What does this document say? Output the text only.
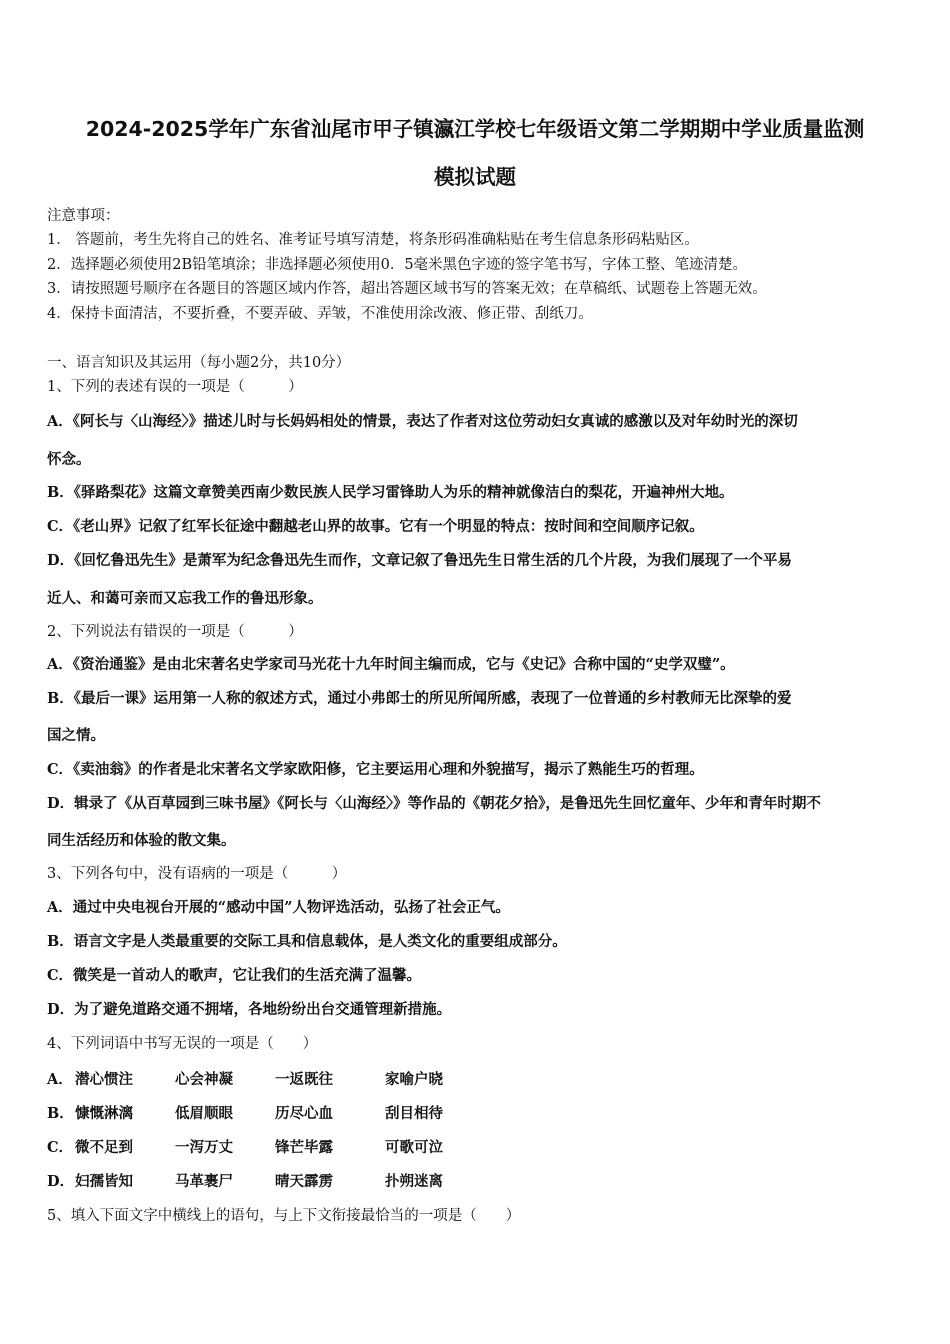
2024-2025学年广东省汕尾市甲子镇瀛江学校七年级语文第二学期期中学业质量监测
模拟试题
注意事项：
1． 答题前，考生先将自己的姓名、准考证号填写清楚，将条形码准确粘贴在考生信息条形码粘贴区。
2．选择题必须使用2B铅笔填涂；非选择题必须使用0．5毫米黑色字迹的签字笔书写，字体工整、笔迹清楚。
3．请按照题号顺序在各题目的答题区域内作答，超出答题区域书写的答案无效；在草稿纸、试题卷上答题无效。
4．保持卡面清洁，不要折叠，不要弄破、弄皱，不准使用涂改液、修正带、刮纸刀。
一、语言知识及其运用（每小题2分，共10分）
1、下列的表述有误的一项是（　　　）
A．《阿长与〈山海经〉》描述儿时与长妈妈相处的情景，表达了作者对这位劳动妇女真诚的感激以及对年幼时光的深切
怀念。
B．《驿路梨花》这篇文章赞美西南少数民族人民学习雷锋助人为乐的精神就像洁白的梨花，开遍神州大地。
C．《老山界》记叙了红军长征途中翻越老山界的故事。它有一个明显的特点：按时间和空间顺序记叙。
D．《回忆鲁迅先生》是萧军为纪念鲁迅先生而作，文章记叙了鲁迅先生日常生活的几个片段，为我们展现了一个平易
近人、和蔼可亲而又忘我工作的鲁迅形象。
2、下列说法有错误的一项是（　　　）
A．《资治通鉴》是由北宋著名史学家司马光花十九年时间主编而成，它与《史记》合称中国的“史学双璧”。
B．《最后一课》运用第一人称的叙述方式，通过小弗郎士的所见所闻所感，表现了一位普通的乡村教师无比深挚的爱
国之情。
C．《卖油翁》的作者是北宋著名文学家欧阳修，它主要运用心理和外貌描写，揭示了熟能生巧的哲理。
D．辑录了《从百草园到三味书屋》《阿长与〈山海经〉》等作品的《朝花夕拾》，是鲁迅先生回忆童年、少年和青年时期不
同生活经历和体验的散文集。
3、下列各句中，没有语病的一项是（　　　）
A．通过中央电视台开展的“感动中国”人物评选活动，弘扬了社会正气。
B．语言文字是人类最重要的交际工具和信息载体，是人类文化的重要组成部分。
C．微笑是一首动人的歌声，它让我们的生活充满了温馨。
D．为了避免道路交通不拥堵，各地纷纷出台交通管理新措施。
4、下列词语中书写无误的一项是（　　）
A． 潜心惯注	心会神凝	一返既往	家喻户晓
B．慷慨淋漓	低眉顺眼	历尽心血	刮目相待
C． 微不足到	一泻万丈	锋芒毕露	可歌可泣
D．妇孺皆知	马革裹尸	晴天霹雳	扑朔迷离
5、填入下面文字中横线上的语句，与上下文衔接最恰当的一项是（　　）
